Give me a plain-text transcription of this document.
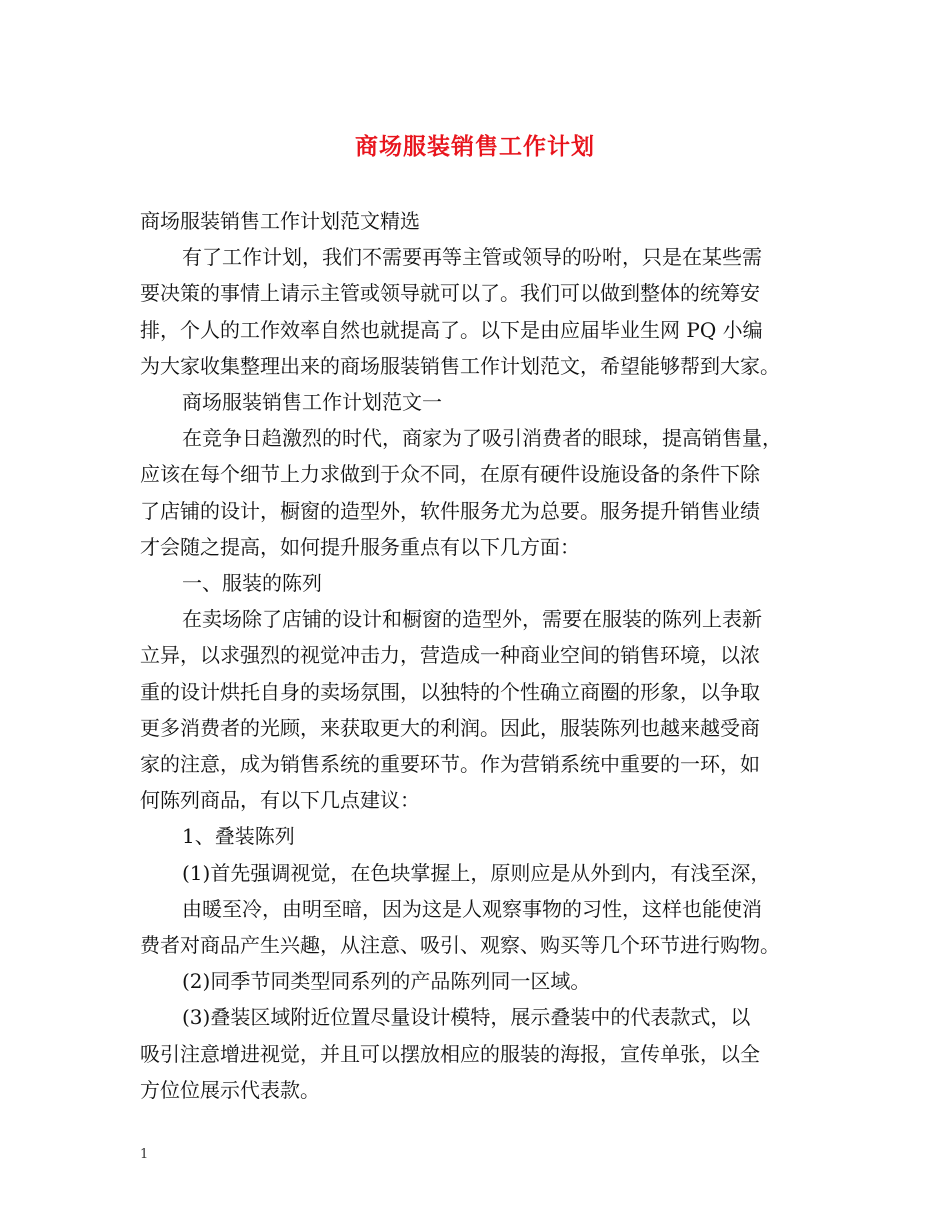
商场服装销售工作计划

商场服装销售工作计划范文精选

有了工作计划，我们不需要再等主管或领导的吩咐，只是在某些需

要决策的事情上请示主管或领导就可以了。我们可以做到整体的统筹安

排，个人的工作效率自然也就提高了。以下是由应届毕业生网 PQ 小编

为大家收集整理出来的商场服装销售工作计划范文，希望能够帮到大家。

商场服装销售工作计划范文一

在竞争日趋激烈的时代，商家为了吸引消费者的眼球，提高销售量，

应该在每个细节上力求做到于众不同，在原有硬件设施设备的条件下除

了店铺的设计，橱窗的造型外，软件服务尤为总要。服务提升销售业绩

才会随之提高，如何提升服务重点有以下几方面：

一、服装的陈列

在卖场除了店铺的设计和橱窗的造型外，需要在服装的陈列上表新

立异，以求强烈的视觉冲击力，营造成一种商业空间的销售环境，以浓

重的设计烘托自身的卖场氛围，以独特的个性确立商圈的形象，以争取

更多消费者的光顾，来获取更大的利润。因此，服装陈列也越来越受商

家的注意，成为销售系统的重要环节。作为营销系统中重要的一环，如

何陈列商品，有以下几点建议：

1、叠装陈列

(1)首先强调视觉，在色块掌握上，原则应是从外到内，有浅至深，

由暖至冷，由明至暗，因为这是人观察事物的习性，这样也能使消

费者对商品产生兴趣，从注意、吸引、观察、购买等几个环节进行购物。

(2)同季节同类型同系列的产品陈列同一区域。

(3)叠装区域附近位置尽量设计模特，展示叠装中的代表款式，以

吸引注意增进视觉，并且可以摆放相应的服装的海报，宣传单张，以全

方位位展示代表款。

1
